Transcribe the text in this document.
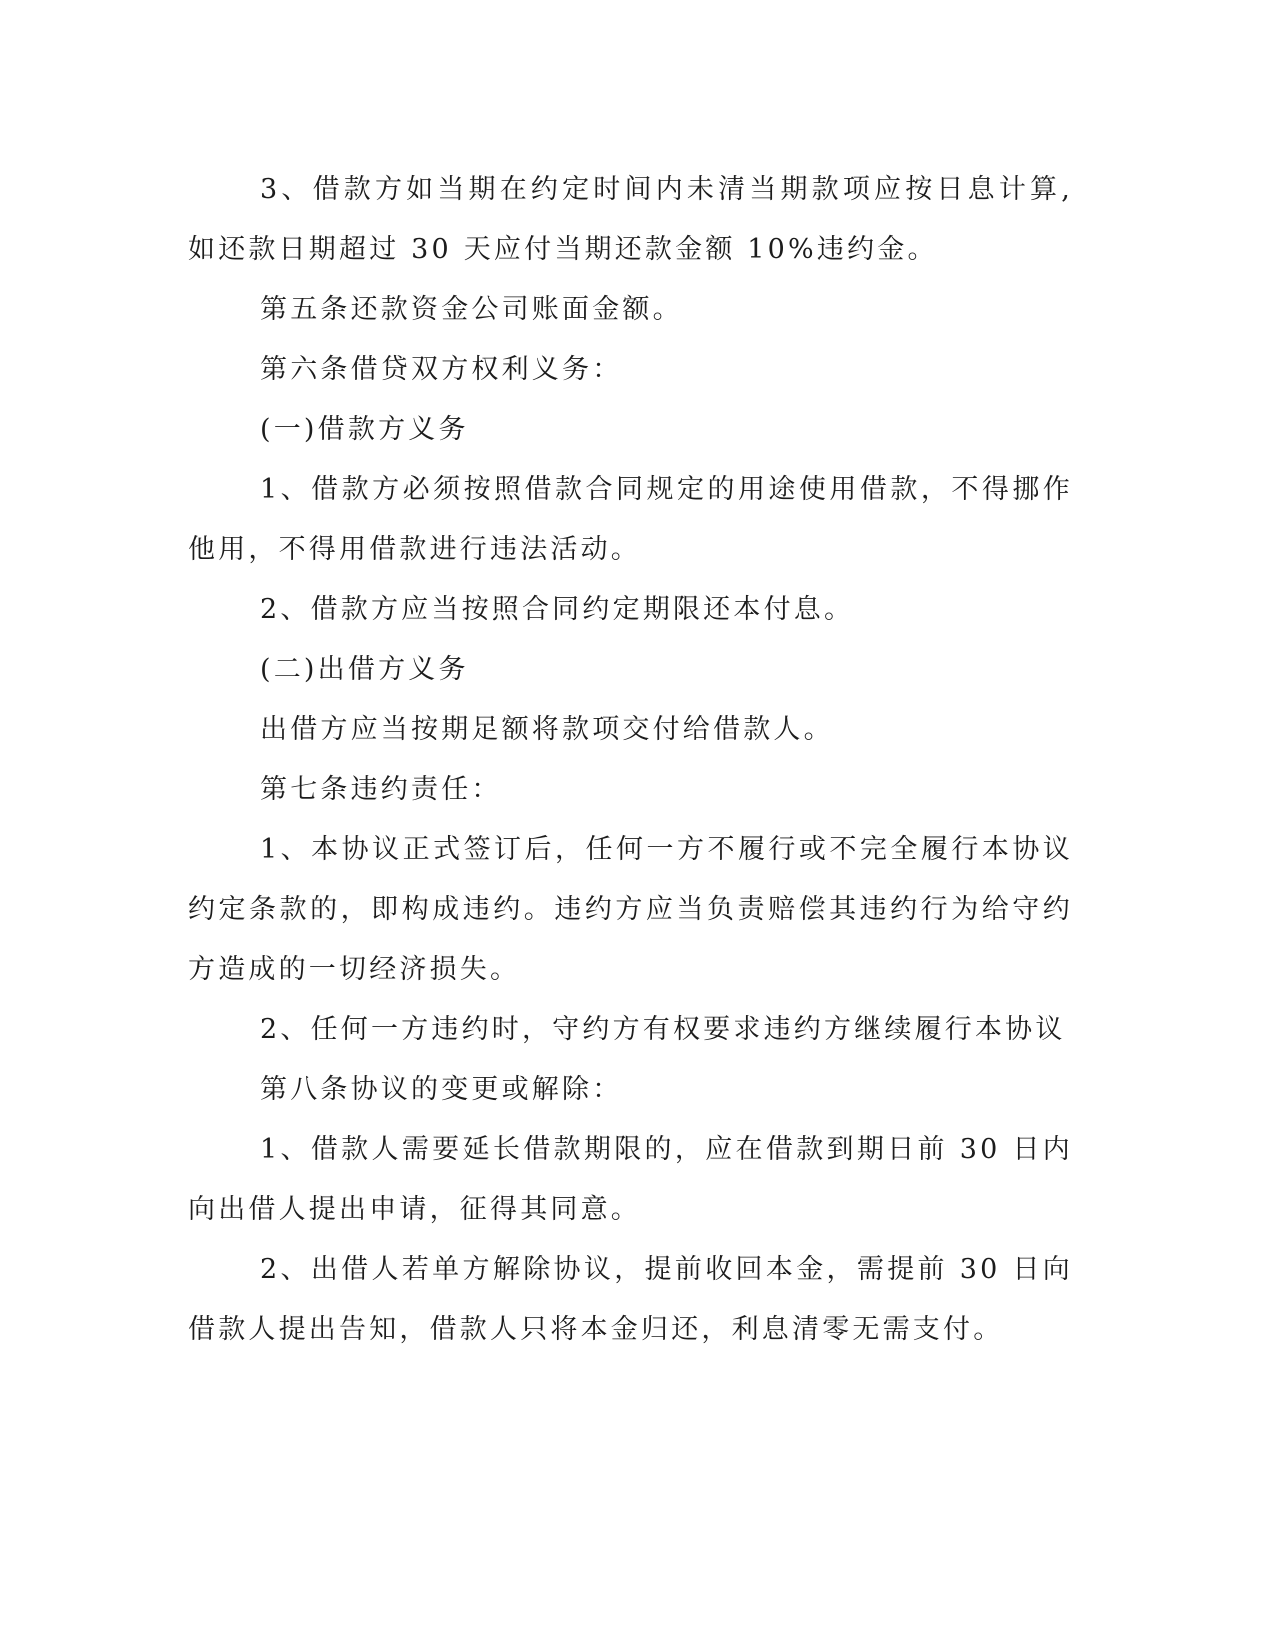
3、借款方如当期在约定时间内未清当期款项应按日息计算,如还款日期超过 30 天应付当期还款金额 10%违约金。

第五条还款资金公司账面金额。

第六条借贷双方权利义务：

(一)借款方义务

1、借款方必须按照借款合同规定的用途使用借款，不得挪作他用，不得用借款进行违法活动。

2、借款方应当按照合同约定期限还本付息。

(二)出借方义务

出借方应当按期足额将款项交付给借款人。

第七条违约责任：

1、本协议正式签订后，任何一方不履行或不完全履行本协议约定条款的，即构成违约。违约方应当负责赔偿其违约行为给守约方造成的一切经济损失。

2、任何一方违约时，守约方有权要求违约方继续履行本协议

第八条协议的变更或解除：

1、借款人需要延长借款期限的，应在借款到期日前 30 日内向出借人提出申请，征得其同意。

2、出借人若单方解除协议，提前收回本金，需提前 30 日向借款人提出告知，借款人只将本金归还，利息清零无需支付。
